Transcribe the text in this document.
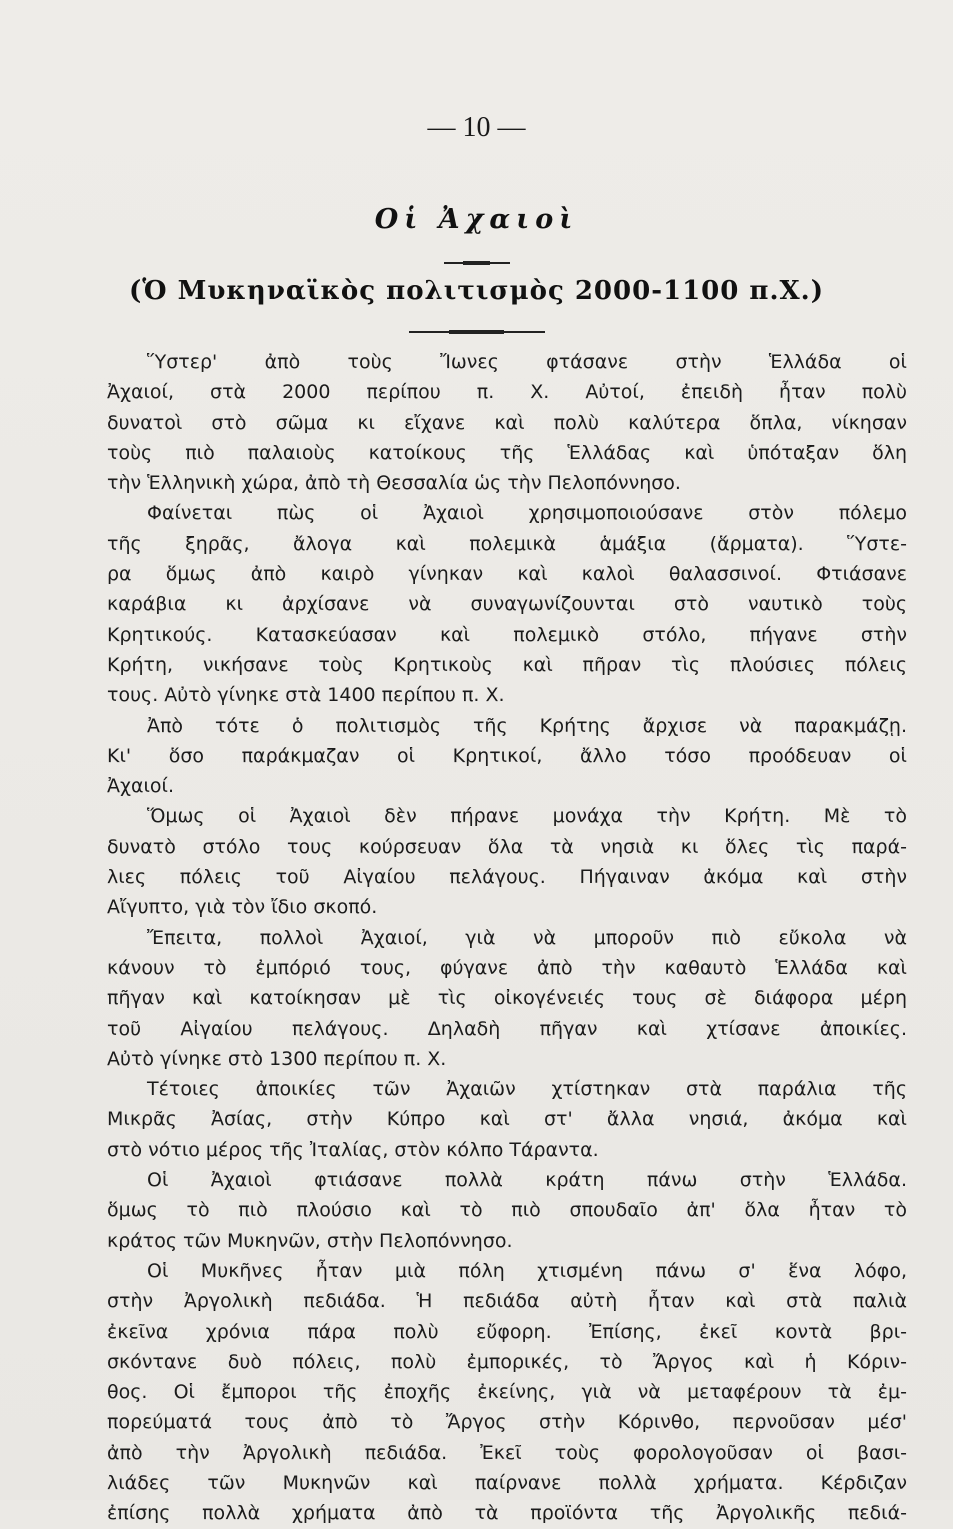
— 10 —
Οἱ Ἀχαιοὶ
(Ὁ Μυκηναϊκὸς πολιτισμὸς 2000-1100 π.Χ.)
Ὕστερ' ἀπὸ τοὺς Ἴωνες φτάσανε στὴν Ἑλλάδα οἱ
Ἀχαιοί, στὰ 2000 περίπου π. Χ. Αὐτοί, ἐπειδὴ ἦταν πολὺ
δυνατοὶ στὸ σῶμα κι εἴχανε καὶ πολὺ καλύτερα ὅπλα, νίκησαν
τοὺς πιὸ παλαιοὺς κατοίκους τῆς Ἑλλάδας καὶ ὑπόταξαν ὅλη
τὴν Ἑλληνικὴ χώρα, ἀπὸ τὴ Θεσσαλία ὡς τὴν Πελοπόννησο.
Φαίνεται πὼς οἱ Ἀχαιοὶ χρησιμοποιούσανε στὸν πόλεμο
τῆς ξηρᾶς, ἄλογα καὶ πολεμικὰ ἁμάξια (ἅρματα). Ὕστε-
ρα ὅμως ἀπὸ καιρὸ γίνηκαν καὶ καλοὶ θαλασσινοί. Φτιάσανε
καράβια κι ἀρχίσανε νὰ συναγωνίζουνται στὸ ναυτικὸ τοὺς
Κρητικούς. Κατασκεύασαν καὶ πολεμικὸ στόλο, πήγανε στὴν
Κρήτη, νικήσανε τοὺς Κρητικοὺς καὶ πῆραν τὶς πλούσιες πόλεις
τους. Αὐτὸ γίνηκε στὰ 1400 περίπου π. Χ.
Ἀπὸ τότε ὁ πολιτισμὸς τῆς Κρήτης ἄρχισε νὰ παρακμάζῃ.
Κι' ὅσο παράκμαζαν οἱ Κρητικοί, ἄλλο τόσο προόδευαν οἱ
Ἀχαιοί.
Ὅμως οἱ Ἀχαιοὶ δὲν πήρανε μονάχα τὴν Κρήτη. Μὲ τὸ
δυνατὸ στόλο τους κούρσευαν ὅλα τὰ νησιὰ κι ὅλες τὶς παρά-
λιες πόλεις τοῦ Αἰγαίου πελάγους. Πήγαιναν ἀκόμα καὶ στὴν
Αἴγυπτο, γιὰ τὸν ἴδιο σκοπό.
Ἔπειτα, πολλοὶ Ἀχαιοί, γιὰ νὰ μποροῦν πιὸ εὔκολα νὰ
κάνουν τὸ ἐμπόριό τους, φύγανε ἀπὸ τὴν καθαυτὸ Ἑλλάδα καὶ
πῆγαν καὶ κατοίκησαν μὲ τὶς οἰκογένειές τους σὲ διάφορα μέρη
τοῦ Αἰγαίου πελάγους. Δηλαδὴ πῆγαν καὶ χτίσανε ἀποικίες.
Αὐτὸ γίνηκε στὸ 1300 περίπου π. Χ.
Τέτοιες ἀποικίες τῶν Ἀχαιῶν χτίστηκαν στὰ παράλια τῆς
Μικρᾶς Ἀσίας, στὴν Κύπρο καὶ στ' ἄλλα νησιά, ἀκόμα καὶ
στὸ νότιο μέρος τῆς Ἰταλίας, στὸν κόλπο Τάραντα.
Οἱ Ἀχαιοὶ φτιάσανε πολλὰ κράτη πάνω στὴν Ἑλλάδα.
ὅμως τὸ πιὸ πλούσιο καὶ τὸ πιὸ σπουδαῖο ἀπ' ὅλα ἦταν τὸ
κράτος τῶν Μυκηνῶν, στὴν Πελοπόννησο.
Οἱ Μυκῆνες ἦταν μιὰ πόλη χτισμένη πάνω σ' ἕνα λόφο,
στὴν Ἀργολικὴ πεδιάδα. Ἡ πεδιάδα αὐτὴ ἦταν καὶ στὰ παλιὰ
ἐκεῖνα χρόνια πάρα πολὺ εὔφορη. Ἐπίσης, ἐκεῖ κοντὰ βρι-
σκόντανε δυὸ πόλεις, πολὺ ἐμπορικές, τὸ Ἄργος καὶ ἡ Κόριν-
θος. Οἱ ἔμποροι τῆς ἐποχῆς ἐκείνης, γιὰ νὰ μεταφέρουν τὰ ἐμ-
πορεύματά τους ἀπὸ τὸ Ἄργος στὴν Κόρινθο, περνοῦσαν μέσ'
ἀπὸ τὴν Ἀργολικὴ πεδιάδα. Ἐκεῖ τοὺς φορολογοῦσαν οἱ βασι-
λιάδες τῶν Μυκηνῶν καὶ παίρνανε πολλὰ χρήματα. Κέρδιζαν
ἐπίσης πολλὰ χρήματα ἀπὸ τὰ προϊόντα τῆς Ἀργολικῆς πεδιά-
